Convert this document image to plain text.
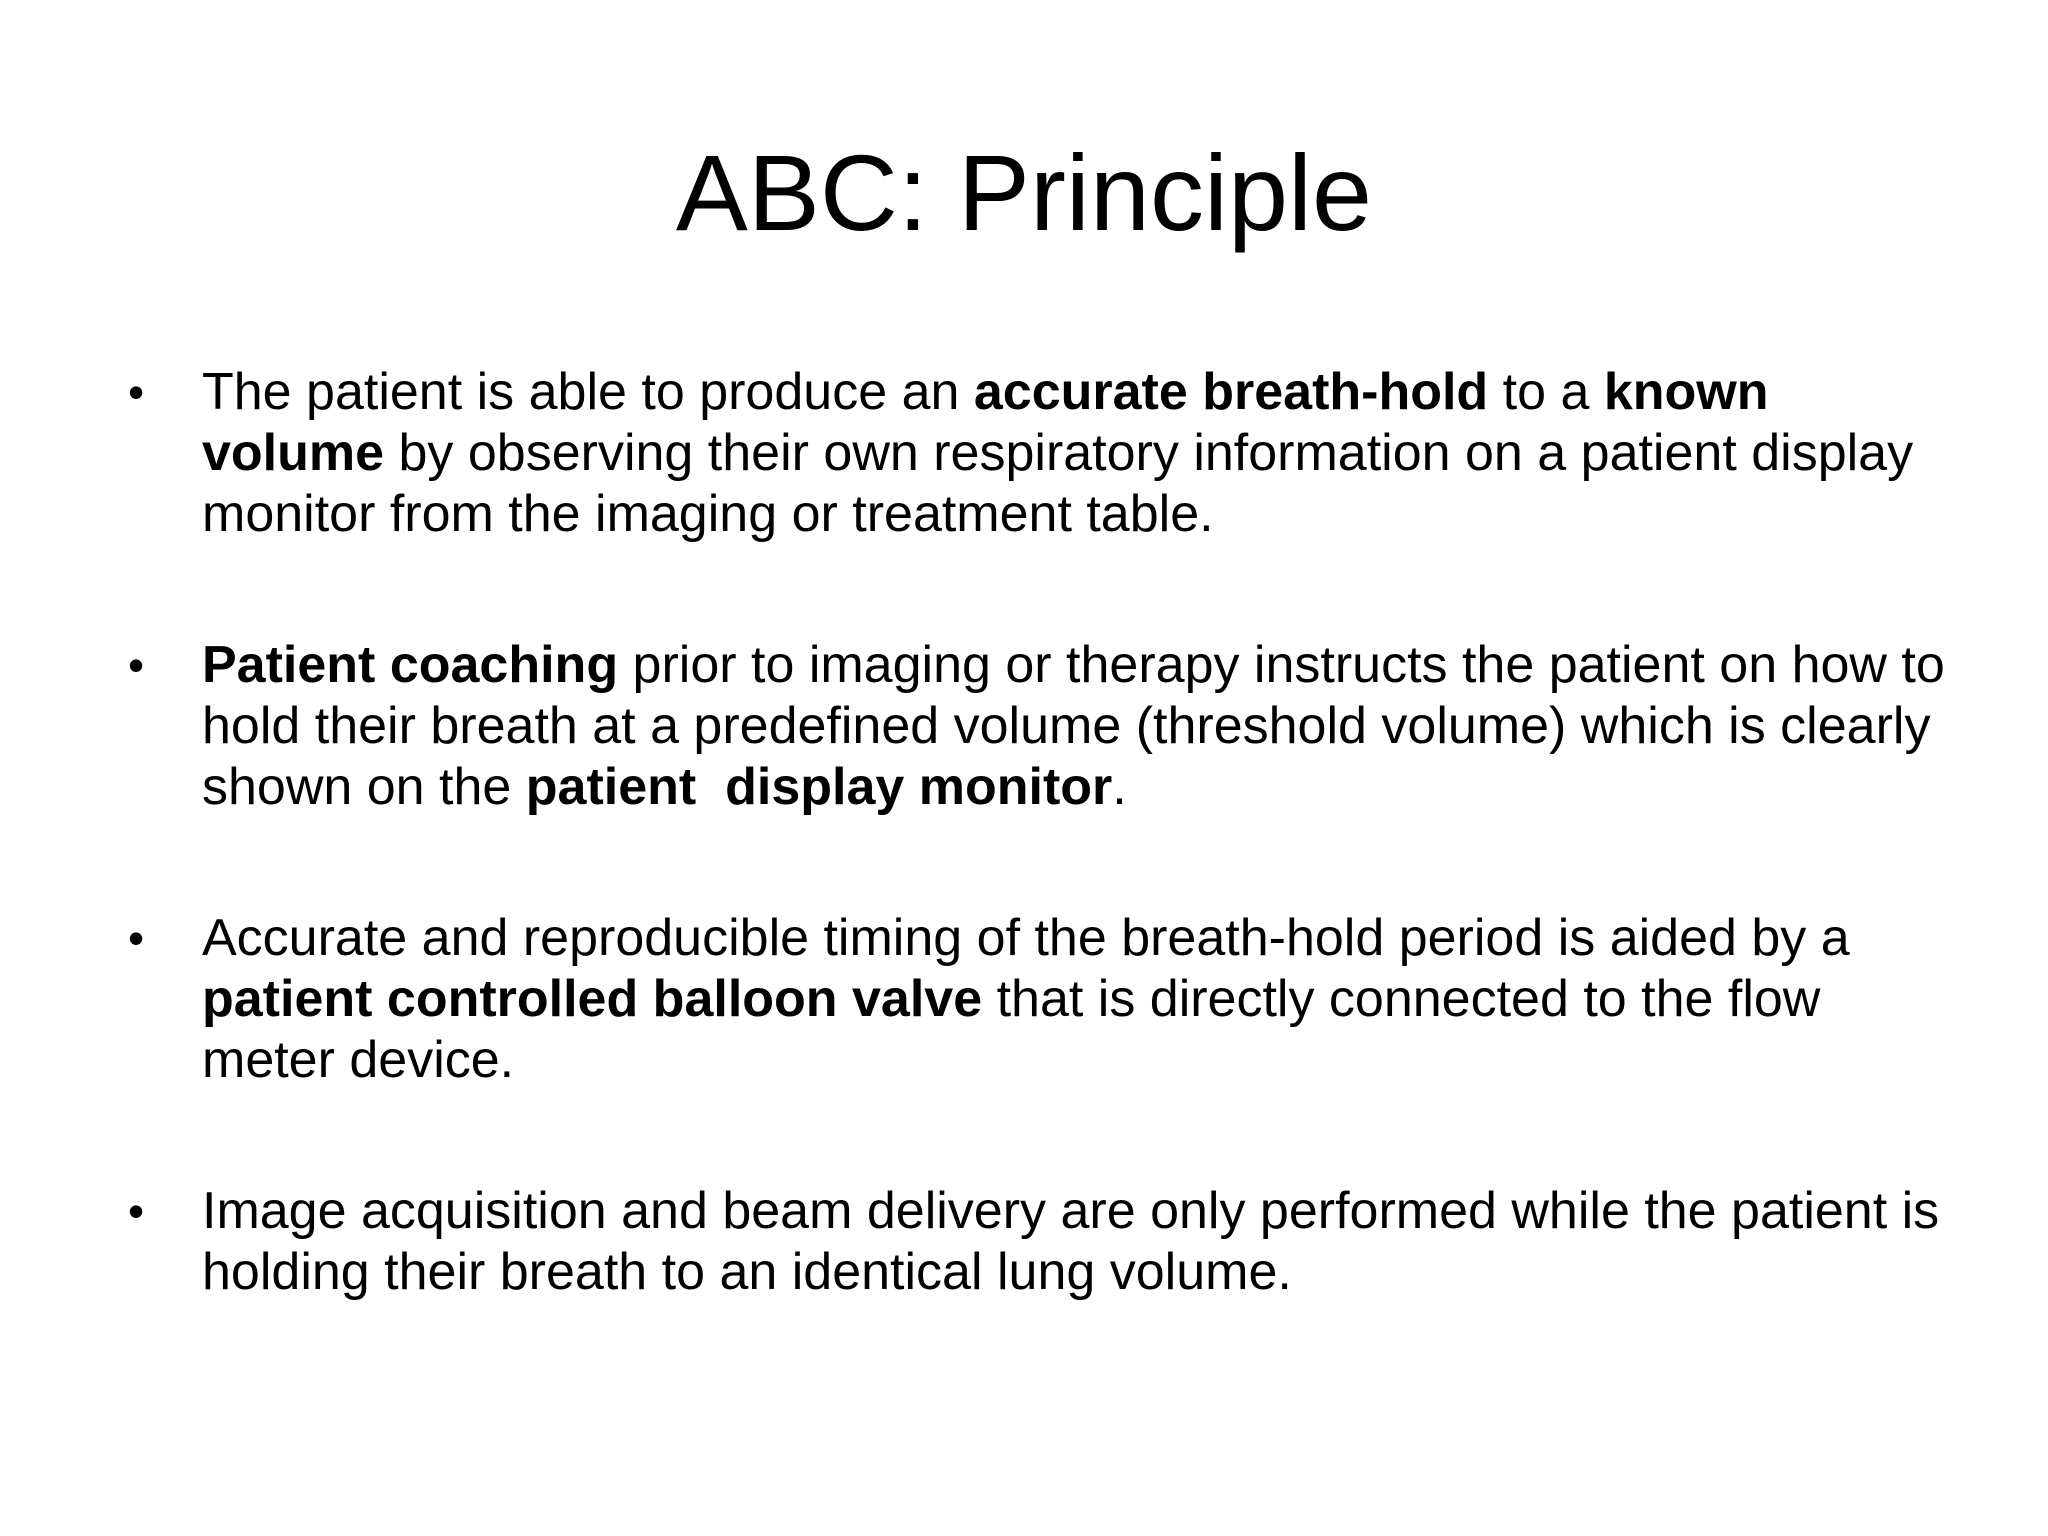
ABC: Principle
• The patient is able to produce an accurate breath-hold to a known volume by observing their own respiratory information on a patient display monitor from the imaging or treatment table.
• Patient coaching prior to imaging or therapy instructs the patient on how to hold their breath at a predefined volume (threshold volume) which is clearly shown on the patient  display monitor.
• Accurate and reproducible timing of the breath-hold period is aided by a patient controlled balloon valve that is directly connected to the flow meter device.
• Image acquisition and beam delivery are only performed while the patient is holding their breath to an identical lung volume.
